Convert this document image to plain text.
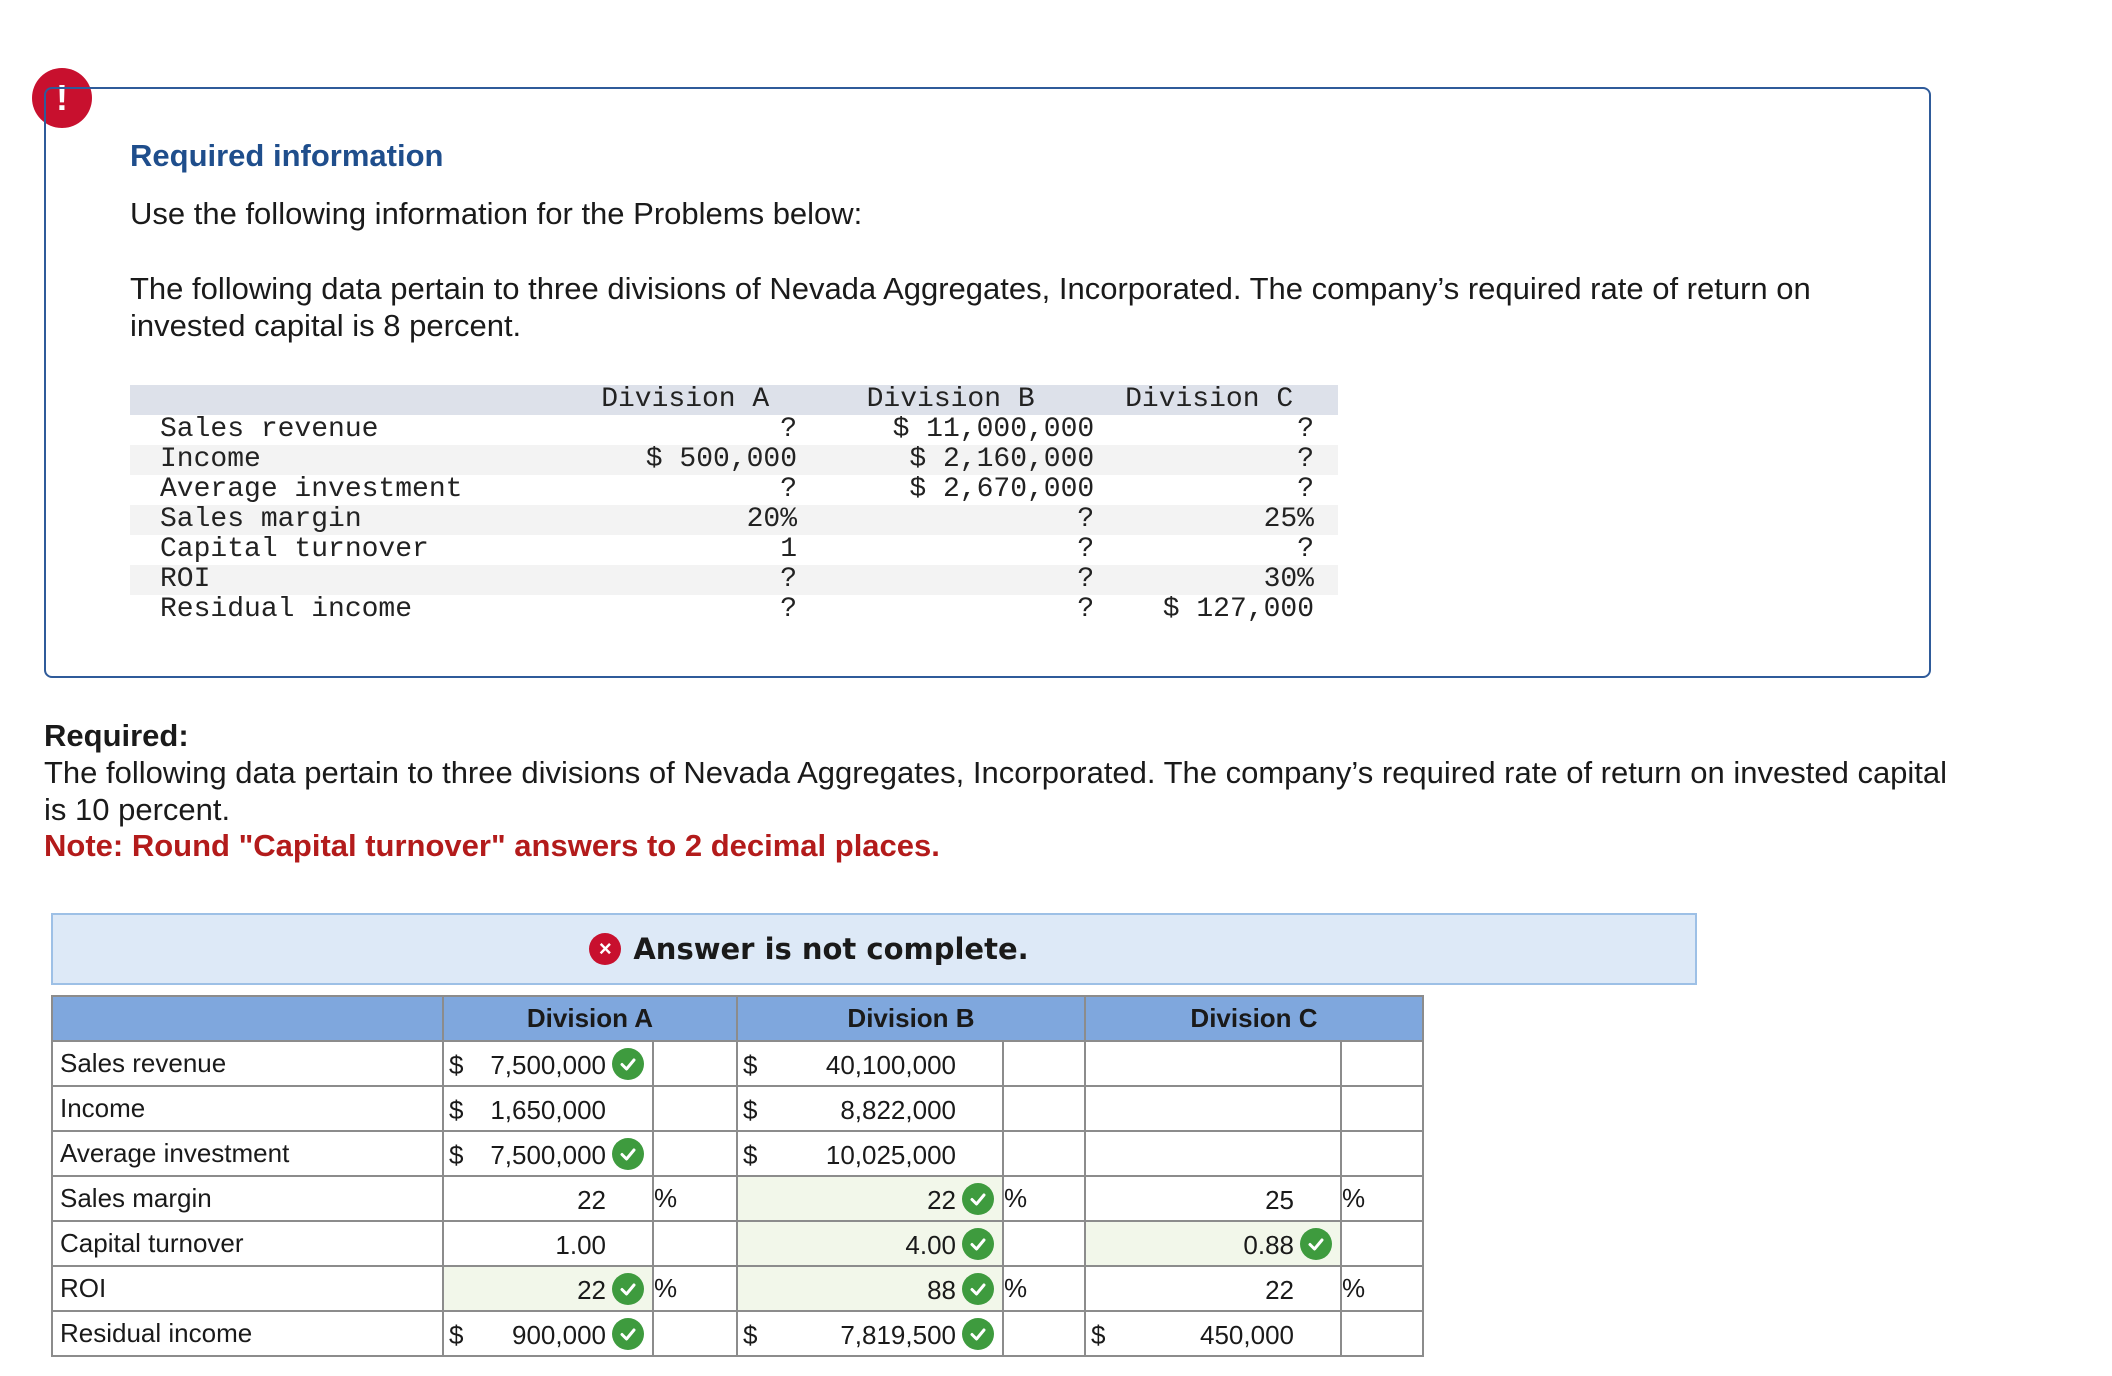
!
Required information
Use the following information for the Problems below:
The following data pertain to three divisions of Nevada Aggregates, Incorporated. The company’s required rate of return on invested capital is 8 percent.
	Division A	Division B	Division C
Sales revenue	?	$ 11,000,000	?
Income	$ 500,000	$ 2,160,000	?
Average investment	?	$ 2,670,000	?
Sales margin	20%	?	25%
Capital turnover	1	?	?
ROI	?	?	30%
Residual income	?	?	$ 127,000
Required:
The following data pertain to three divisions of Nevada Aggregates, Incorporated. The company’s required rate of return on invested capital is 10 percent.
Note: Round "Capital turnover" answers to 2 decimal places.
× Answer is not complete.
	Division A		Division B		Division C	
Sales revenue	$ 7,500,000		$ 40,100,000			

Income	$ 1,650,000		$ 8,822,000			

Average investment	$ 7,500,000		$ 10,025,000			

Sales margin	22	%	22	%	25	%
Capital turnover	1.00		4.00		0.88	

ROI	22	%	88	%	22	%
Residual income	$ 900,000		$ 7,819,500		$ 450,000	
